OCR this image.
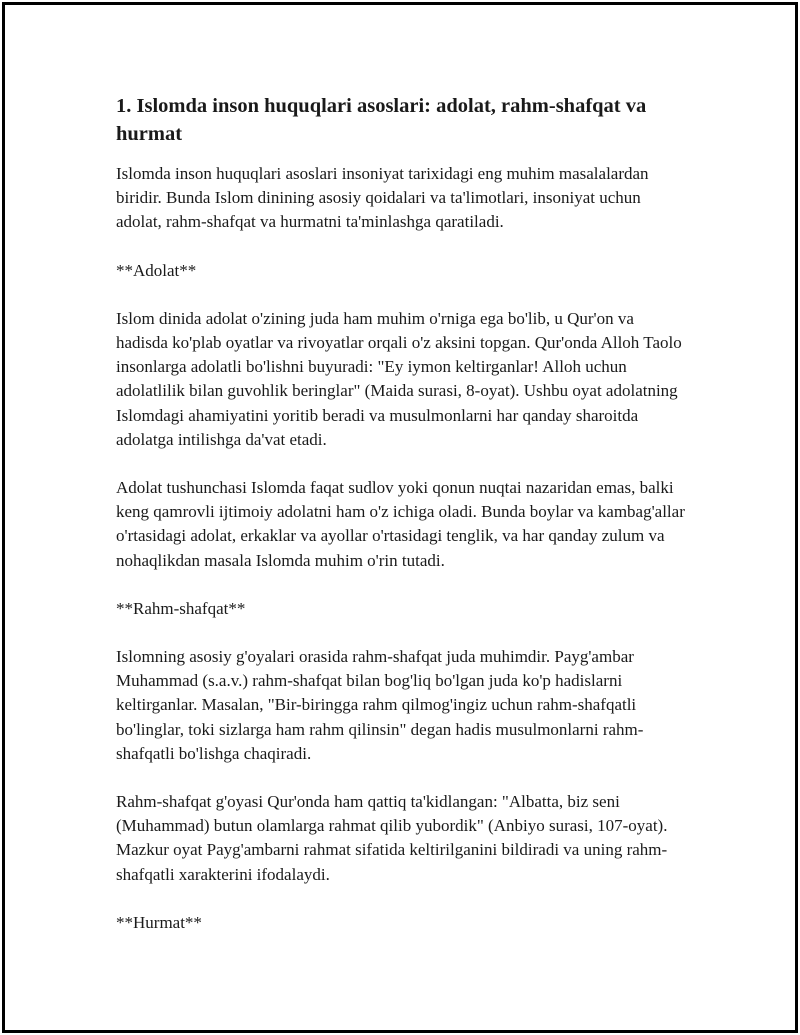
1. Islomda inson huquqlari asoslari: adolat, rahm-shafqat va hurmat

Islomda inson huquqlari asoslari insoniyat tarixidagi eng muhim masalalardan biridir. Bunda Islom dinining asosiy qoidalari va ta'limotlari, insoniyat uchun adolat, rahm-shafqat va hurmatni ta'minlashga qaratiladi.

**Adolat**

Islom dinida adolat o'zining juda ham muhim o'rniga ega bo'lib, u Qur'on va hadisda ko'plab oyatlar va rivoyatlar orqali o'z aksini topgan. Qur'onda Alloh Taolo insonlarga adolatli bo'lishni buyuradi: "Ey iymon keltirganlar! Alloh uchun adolatlilik bilan guvohlik beringlar" (Maida surasi, 8-oyat). Ushbu oyat adolatning Islomdagi ahamiyatini yoritib beradi va musulmonlarni har qanday sharoitda adolatga intilishga da'vat etadi.

Adolat tushunchasi Islomda faqat sudlov yoki qonun nuqtai nazaridan emas, balki keng qamrovli ijtimoiy adolatni ham o'z ichiga oladi. Bunda boylar va kambag'allar o'rtasidagi adolat, erkaklar va ayollar o'rtasidagi tenglik, va har qanday zulum va nohaqlikdan masala Islomda muhim o'rin tutadi.

**Rahm-shafqat**

Islomning asosiy g'oyalari orasida rahm-shafqat juda muhimdir. Payg'ambar Muhammad (s.a.v.) rahm-shafqat bilan bog'liq bo'lgan juda ko'p hadislarni keltirganlar. Masalan, "Bir-biringga rahm qilmog'ingiz uchun rahm-shafqatli bo'linglar, toki sizlarga ham rahm qilinsin" degan hadis musulmonlarni rahm-shafqatli bo'lishga chaqiradi.

Rahm-shafqat g'oyasi Qur'onda ham qattiq ta'kidlangan: "Albatta, biz seni (Muhammad) butun olamlarga rahmat qilib yubordik" (Anbiyo surasi, 107-oyat). Mazkur oyat Payg'ambarni rahmat sifatida keltirilganini bildiradi va uning rahm-shafqatli xarakterini ifodalaydi.

**Hurmat**
